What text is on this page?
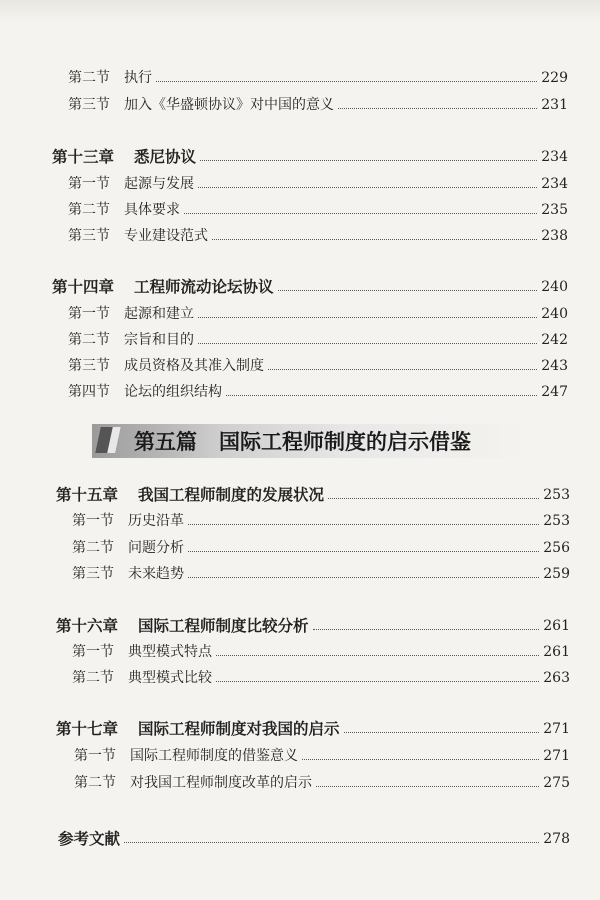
第二节 执行	229
第三节 加入《华盛顿协议》对中国的意义	231
第十三章 悉尼协议	234
第一节 起源与发展	234
第二节 具体要求	235
第三节 专业建设范式	238
第十四章 工程师流动论坛协议	240
第一节 起源和建立	240
第二节 宗旨和目的	242
第三节 成员资格及其准入制度	243
第四节 论坛的组织结构	247
第五篇 国际工程师制度的启示借鉴
第十五章 我国工程师制度的发展状况	253
第一节 历史沿革	253
第二节 问题分析	256
第三节 未来趋势	259
第十六章 国际工程师制度比较分析	261
第一节 典型模式特点	261
第二节 典型模式比较	263
第十七章 国际工程师制度对我国的启示	271
第一节 国际工程师制度的借鉴意义	271
第二节 对我国工程师制度改革的启示	275
参考文献	278
